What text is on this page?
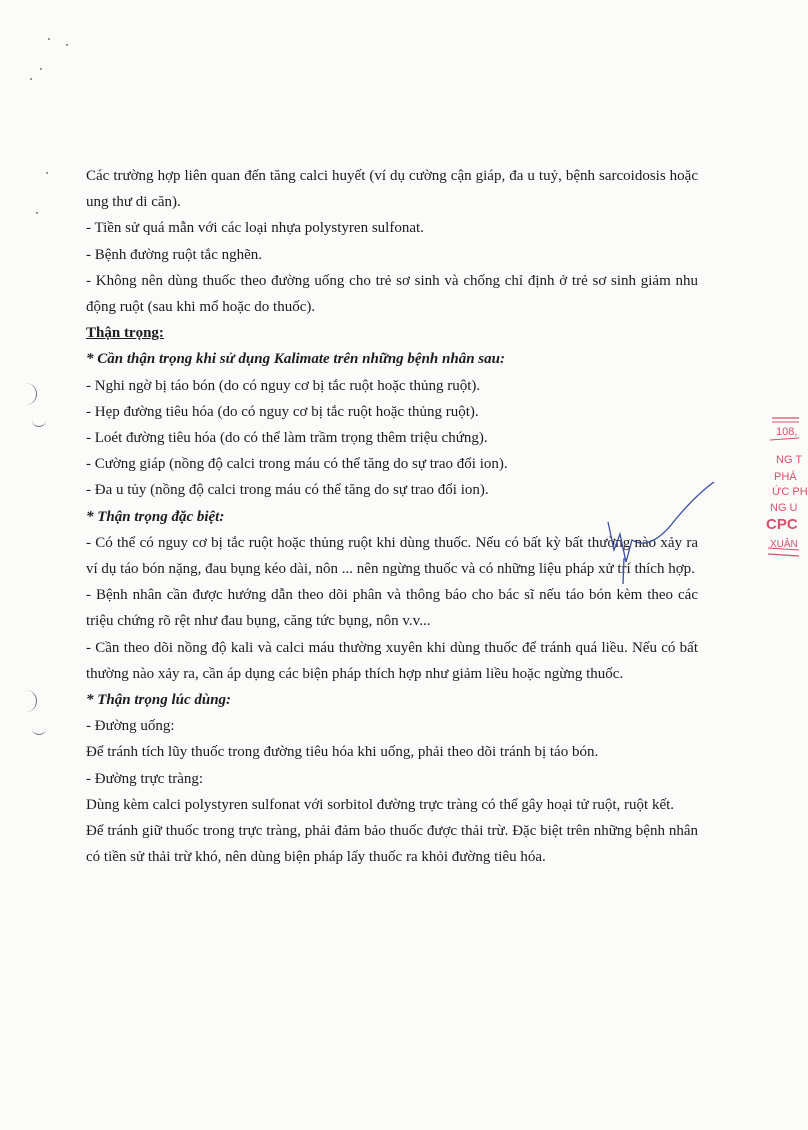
Các trường hợp liên quan đến tăng calci huyết (ví dụ cường cận giáp, đa u tuỷ, bệnh sarcoidosis hoặc ung thư di căn).

- Tiền sử quá mẫn với các loại nhựa polystyren sulfonat.

- Bệnh đường ruột tắc nghẽn.

- Không nên dùng thuốc theo đường uống cho trẻ sơ sinh và chống chỉ định ở trẻ sơ sinh giảm nhu động ruột (sau khi mổ hoặc do thuốc).

Thận trọng:

* Cần thận trọng khi sử dụng Kalimate trên những bệnh nhân sau:

- Nghi ngờ bị táo bón (do có nguy cơ bị tắc ruột hoặc thủng ruột).

- Hẹp đường tiêu hóa (do có nguy cơ bị tắc ruột hoặc thủng ruột).

- Loét đường tiêu hóa (do có thể làm trầm trọng thêm triệu chứng).

- Cường giáp (nồng độ calci trong máu có thể tăng do sự trao đổi ion).

- Đa u tủy (nồng độ calci trong máu có thể tăng do sự trao đổi ion).

* Thận trọng đặc biệt:

- Có thể có nguy cơ bị tắc ruột hoặc thủng ruột khi dùng thuốc. Nếu có bất kỳ bất thường nào xảy ra ví dụ táo bón nặng, đau bụng kéo dài, nôn ... nên ngừng thuốc và có những liệu pháp xử trí thích hợp.

- Bệnh nhân cần được hướng dẫn theo dõi phân và thông báo cho bác sĩ nếu táo bón kèm theo các triệu chứng rõ rệt như đau bụng, căng tức bụng, nôn v.v...

- Cần theo dõi nồng độ kali và calci máu thường xuyên khi dùng thuốc để tránh quá liều. Nếu có bất thường nào xảy ra, cần áp dụng các biện pháp thích hợp như giảm liều hoặc ngừng thuốc.

* Thận trọng lúc dùng:

- Đường uống:

Để tránh tích lũy thuốc trong đường tiêu hóa khi uống, phải theo dõi tránh bị táo bón.

- Đường trực tràng:

Dùng kèm calci polystyren sulfonat với sorbitol đường trực tràng có thể gây hoại tử ruột, ruột kết.

Để tránh giữ thuốc trong trực tràng, phải đảm bảo thuốc được thải trừ. Đặc biệt trên những bệnh nhân có tiền sử thải trừ khó, nên dùng biện pháp lấy thuốc ra khỏi đường tiêu hóa.

108,
NG T
PHÁ
ỨC PH
NG U
CPC
XUÂN
